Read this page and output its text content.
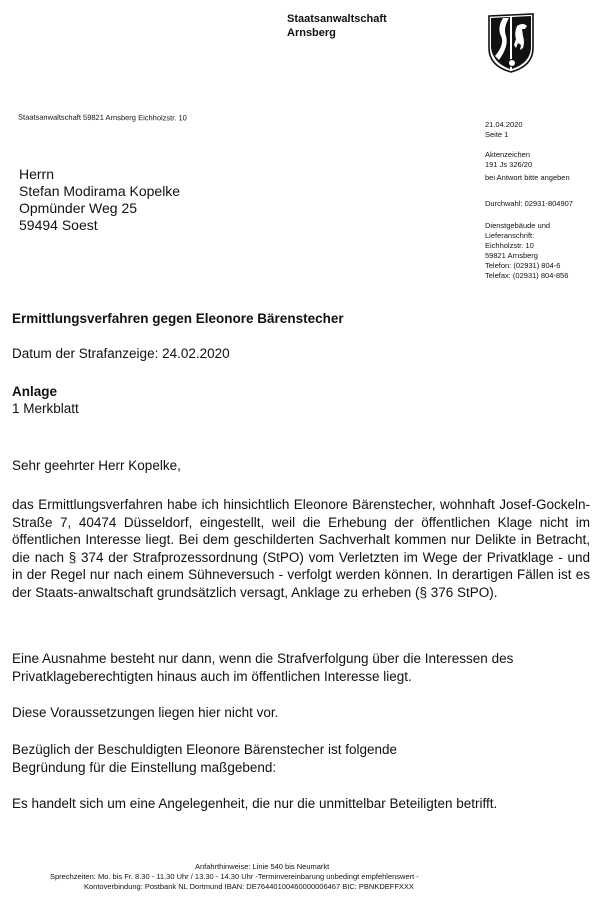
Staatsanwaltschaft
Arnsberg
Staatsanwaltschaft 59821 Arnsberg Eichholzstr. 10
21.04.2020
Seite 1
Aktenzeichen
191 Js 326/20
bei Antwort bitte angeben
Durchwahl: 02931-804907
Dienstgebäude und
Lieferanschrift:
Eichholzstr. 10
59821 Arnsberg
Telefon: (02931) 804-6
Telefax: (02931) 804-856
Herrn
Stefan Modirama Kopelke
Opmünder Weg 25
59494 Soest
Ermittlungsverfahren gegen Eleonore Bärenstecher
Datum der Strafanzeige: 24.02.2020
Anlage
1 Merkblatt
Sehr geehrter Herr Kopelke,
das Ermittlungsverfahren habe ich hinsichtlich Eleonore Bärenstecher, wohnhaft Josef-Gockeln-Straße 7, 40474 Düsseldorf, eingestellt, weil die Erhebung der öffentlichen Klage nicht im öffentlichen Interesse liegt. Bei dem geschilderten Sachverhalt kommen nur Delikte in Betracht, die nach § 374 der Strafprozessordnung (StPO) vom Verletzten im Wege der Privatklage - und in der Regel nur nach einem Sühneversuch - verfolgt werden können. In derartigen Fällen ist es der Staats-anwaltschaft grundsätzlich versagt, Anklage zu erheben (§ 376 StPO).
Eine Ausnahme besteht nur dann, wenn die Strafverfolgung über die Interessen des Privatklageberechtigten hinaus auch im öffentlichen Interesse liegt.
Diese Voraussetzungen liegen hier nicht vor.
Bezüglich der Beschuldigten Eleonore Bärenstecher ist folgende Begründung für die Einstellung maßgebend:
Es handelt sich um eine Angelegenheit, die nur die unmittelbar Beteiligten betrifft.
Anfahrthinweise: Linie 540 bis Neumarkt
Sprechzeiten: Mo. bis Fr. 8.30 - 11.30 Uhr / 13.30 - 14.30 Uhr -Terminvereinbarung unbedingt empfehlenswert -
Kontoverbindung: Postbank NL Dortmund IBAN: DE76440100460000006467 BIC: PBNKDEFFXXX
